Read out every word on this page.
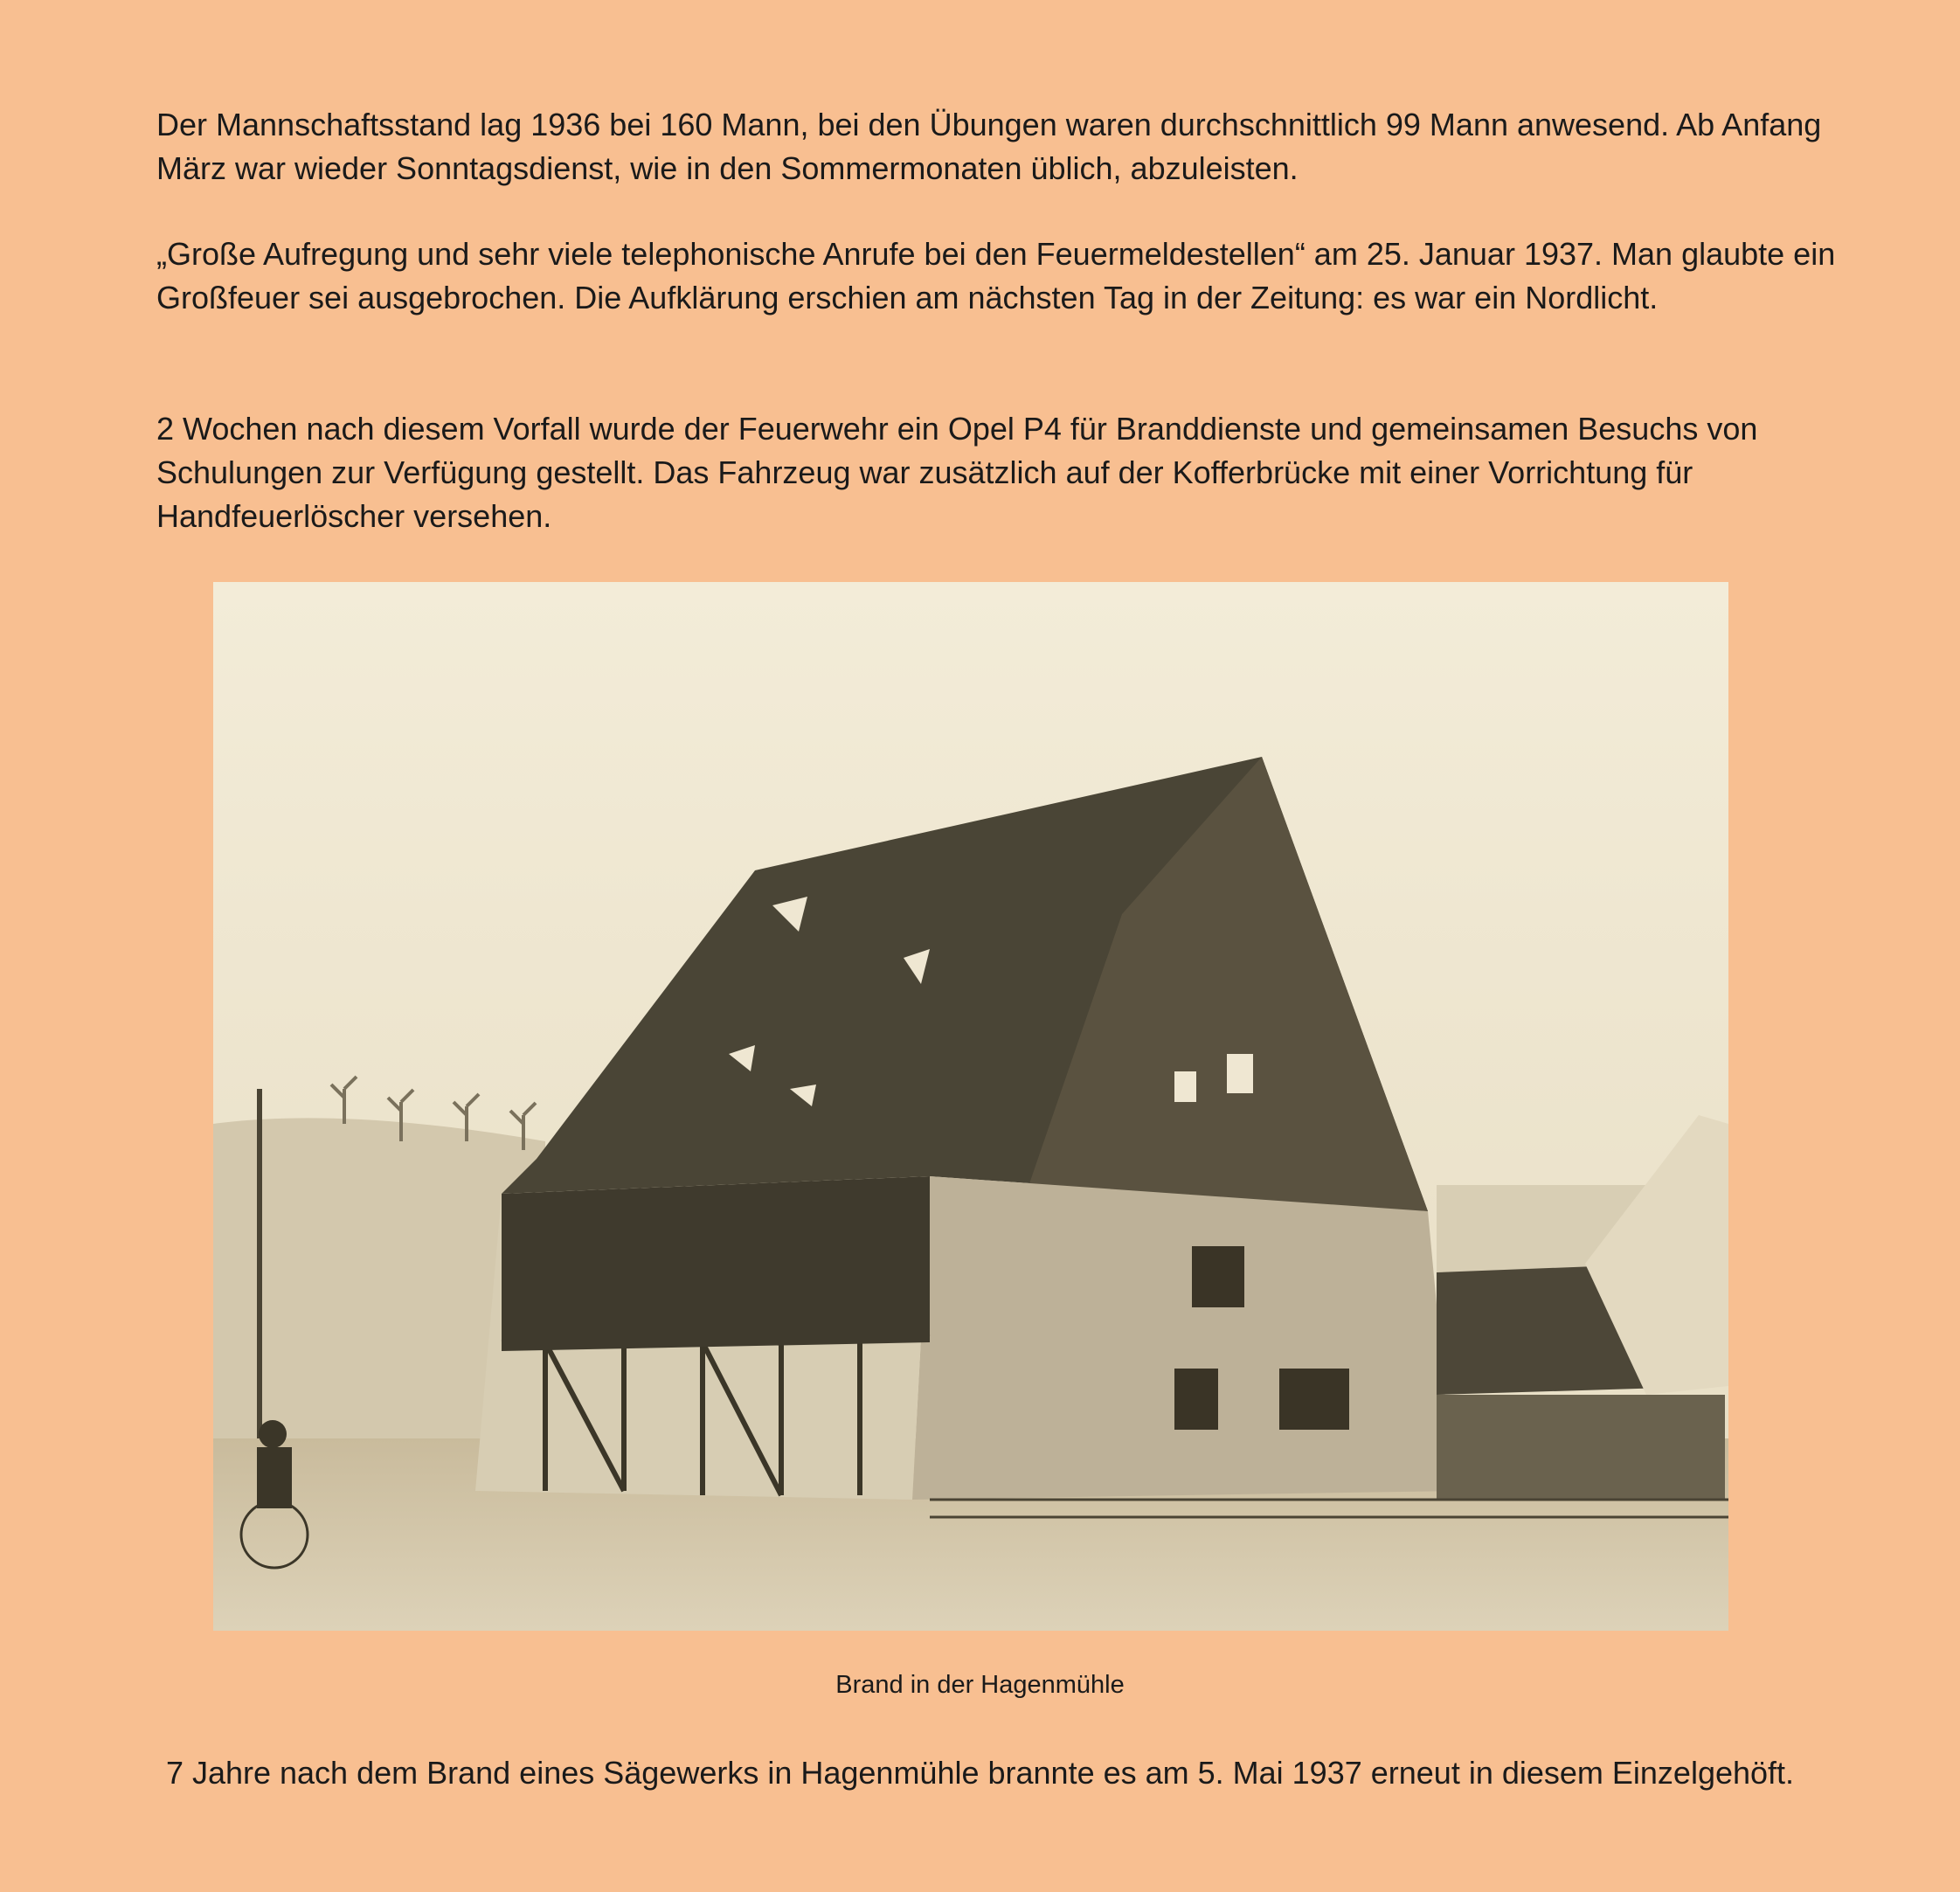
Der Mannschaftsstand lag 1936 bei 160 Mann, bei den Übungen waren durchschnittlich 99 Mann anwesend. Ab Anfang März war wieder Sonntagsdienst, wie in den Sommermonaten üblich, abzuleisten.

„Große Aufregung und sehr viele telephonische Anrufe bei den Feuermeldestellen“ am 25. Januar 1937. Man glaubte ein Großfeuer sei ausgebrochen. Die Aufklärung erschien am nächsten Tag in der Zeitung: es war ein Nordlicht.

2 Wochen nach diesem Vorfall wurde der Feuerwehr ein Opel P4 für Branddienste und gemeinsamen Besuchs von Schulungen zur Verfügung gestellt. Das Fahrzeug war zusätzlich auf der Kofferbrücke mit einer Vorrichtung für Handfeuerlöscher versehen.

Brand in der Hagenmühle
7 Jahre nach dem Brand eines Sägewerks in Hagenmühle brannte es am 5. Mai 1937 erneut in diesem Einzelgehöft.
